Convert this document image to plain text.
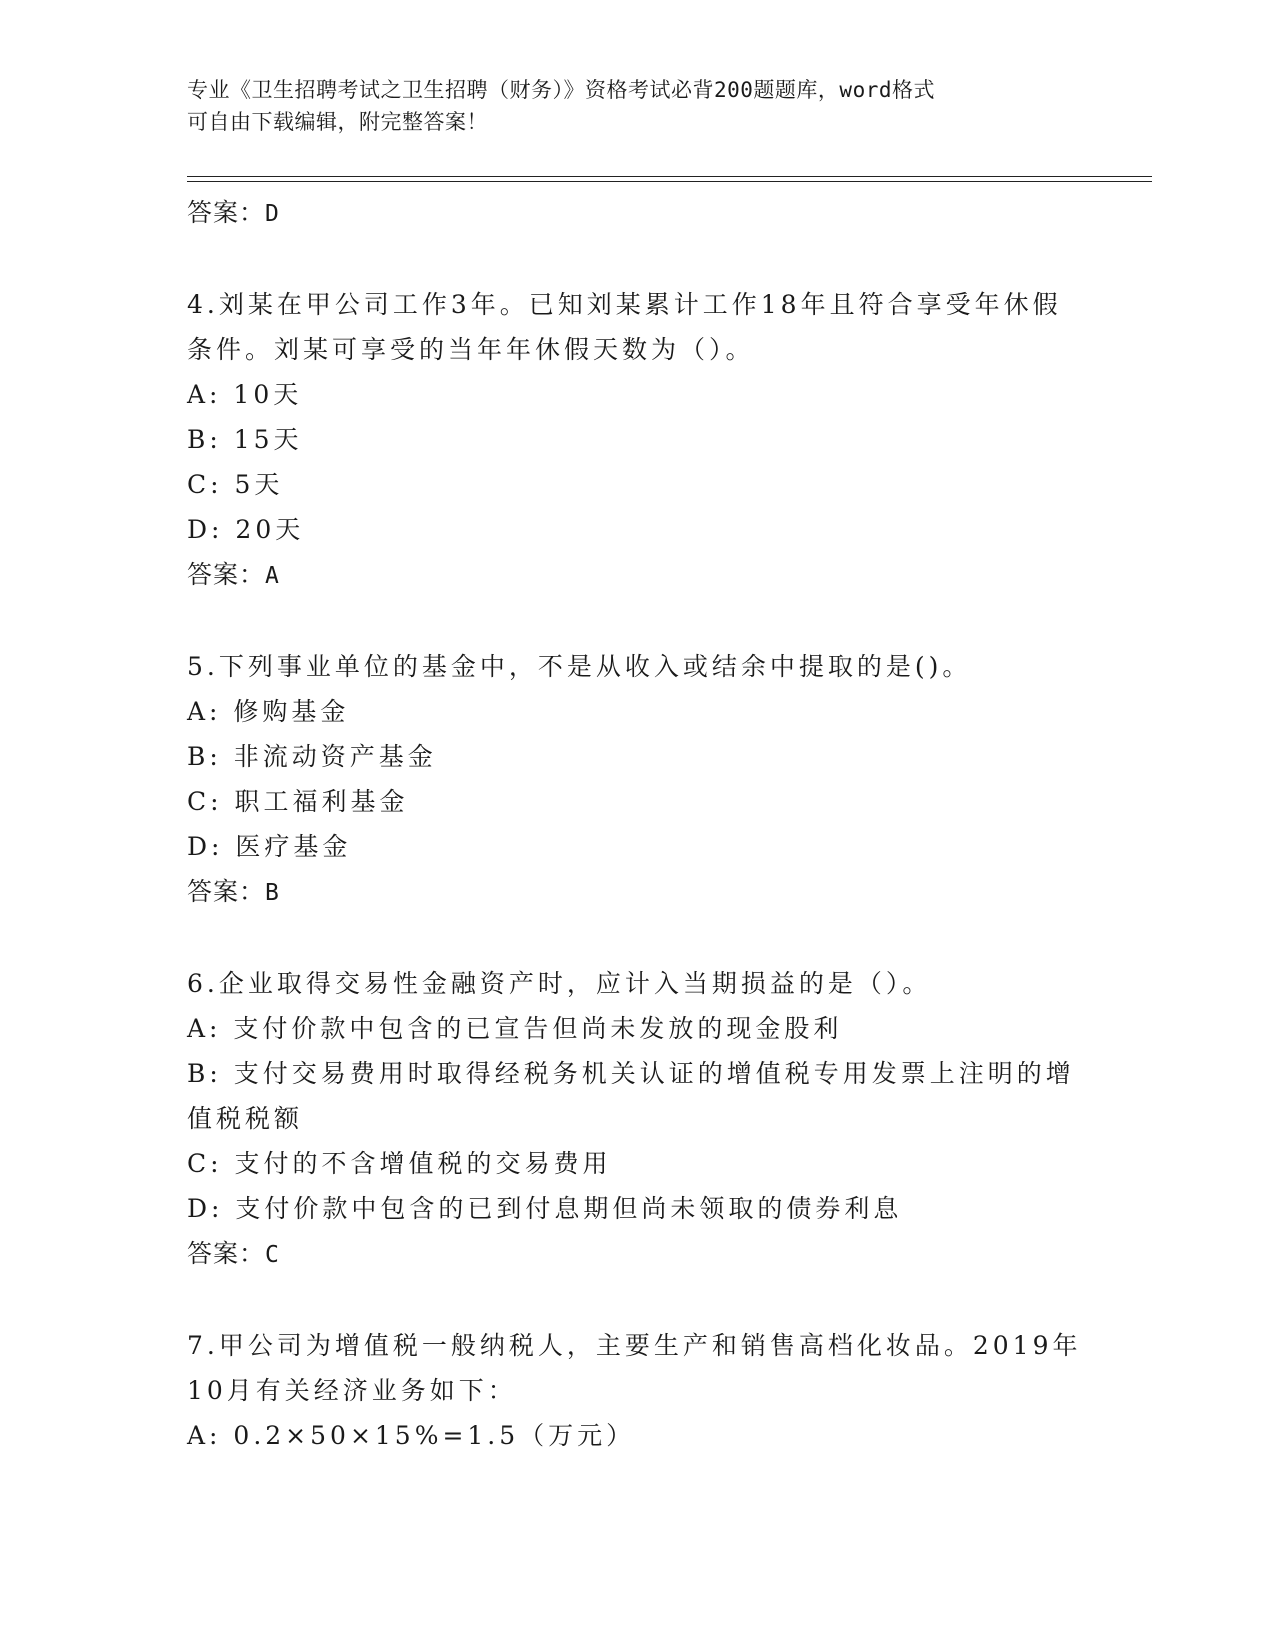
专业《卫生招聘考试之卫生招聘（财务）》资格考试必背200题题库，word格式
可自由下载编辑，附完整答案！
答案：D
4.刘某在甲公司工作3年。已知刘某累计工作18年且符合享受年休假
条件。刘某可享受的当年年休假天数为（）。
A: 10天
B: 15天
C: 5天
D: 20天
答案：A
5.下列事业单位的基金中，不是从收入或结余中提取的是()。
A: 修购基金
B: 非流动资产基金
C: 职工福利基金
D: 医疗基金
答案：B
6.企业取得交易性金融资产时，应计入当期损益的是（）。
A: 支付价款中包含的已宣告但尚未发放的现金股利
B: 支付交易费用时取得经税务机关认证的增值税专用发票上注明的增
值税税额
C: 支付的不含增值税的交易费用
D: 支付价款中包含的已到付息期但尚未领取的债券利息
答案：C
7.甲公司为增值税一般纳税人，主要生产和销售高档化妆品。2019年
10月有关经济业务如下：
A: 0.2×50×15%=1.5（万元）
